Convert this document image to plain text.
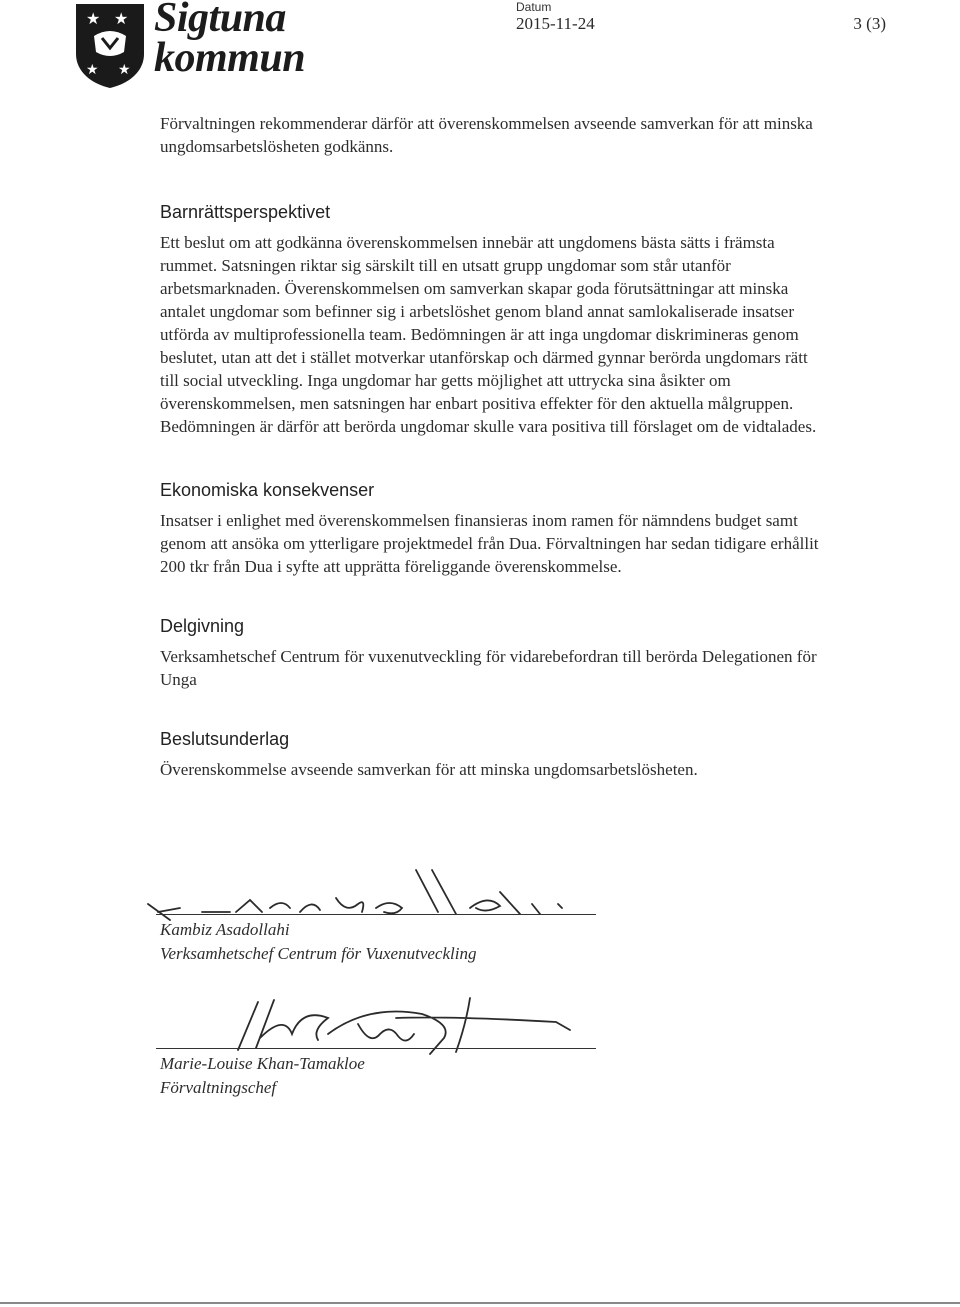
★ ★
★ ★
Sigtuna
kommun
Datum
2015-11-24	3 (3)

Förvaltningen rekommenderar därför att överenskommelsen avseende samverkan för att minska ungdomsarbetslösheten godkänns.

Barnrättsperspektivet

Ett beslut om att godkänna överenskommelsen innebär att ungdomens bästa sätts i främsta rummet. Satsningen riktar sig särskilt till en utsatt grupp ungdomar som står utanför arbetsmarknaden. Överenskommelsen om samverkan skapar goda förutsättningar att minska antalet ungdomar som befinner sig i arbetslöshet genom bland annat samlokaliserade insatser utförda av multiprofessionella team. Bedömningen är att inga ungdomar diskrimineras genom beslutet, utan att det i stället motverkar utanförskap och därmed gynnar berörda ungdomars rätt till social utveckling. Inga ungdomar har getts möjlighet att uttrycka sina åsikter om överenskommelsen, men satsningen har enbart positiva effekter för den aktuella målgruppen. Bedömningen är därför att berörda ungdomar skulle vara positiva till förslaget om de vidtalades.

Ekonomiska konsekvenser

Insatser i enlighet med överenskommelsen finansieras inom ramen för nämndens budget samt genom att ansöka om ytterligare projektmedel från Dua. Förvaltningen har sedan tidigare erhållit 200 tkr från Dua i syfte att upprätta föreliggande överenskommelse.

Delgivning

Verksamhetschef Centrum för vuxenutveckling för vidarebefordran till berörda Delegationen för Unga

Beslutsunderlag

Överenskommelse avseende samverkan för att minska ungdomsarbetslösheten.

Kambiz Asadollahi

Verksamhetschef Centrum för Vuxenutveckling

Marie-Louise Khan-Tamakloe

Förvaltningschef
